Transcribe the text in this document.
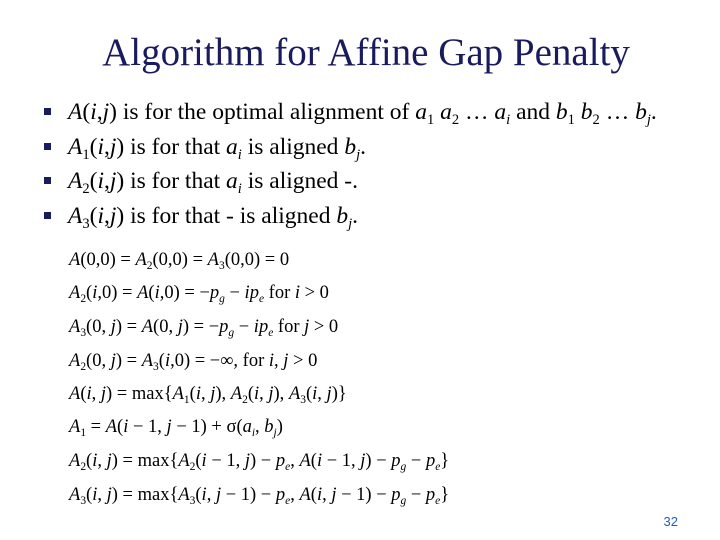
Algorithm for Affine Gap Penalty
A(i,j) is for the optimal alignment of $a_1$ $a_2$ … $a_i$ and $b_1$ $b_2$ … $b_j$.
$A_1(i,j)$ is for that $a_i$ is aligned $b_j$.
$A_2(i,j)$ is for that $a_i$ is aligned -.
$A_3(i,j)$ is for that - is aligned $b_j$.
$A(0,0) = A_2(0,0) = A_3(0,0) = 0$
$A_2(i,0) = A(i,0) = -p_g - ip_e$ for i > 0
$A_3(0$, j) = A(0, $j) = -p_g - ip_e$ for j > 0
$A_2(0$, $j) = A_3(i,0)$ = −∞, for i, j > 0
A(i, $j) = \max\{A_1(i$, j), $A_2(i$, j), $A_3(i$, j)}
$A_1 = A(i - 1$, $j - 1) + \sigma(a_i$, $b_j$)
$A_2(i$, $j) = \max\{A_2(i - 1$, $j) - p_e$, A(i − 1, $j) - p_g - p_e$}
$A_3(i$, $j) = \max\{A_3(i$, $j - 1) - p_e$, A(i, $j - 1) - p_g - p_e$}
32
